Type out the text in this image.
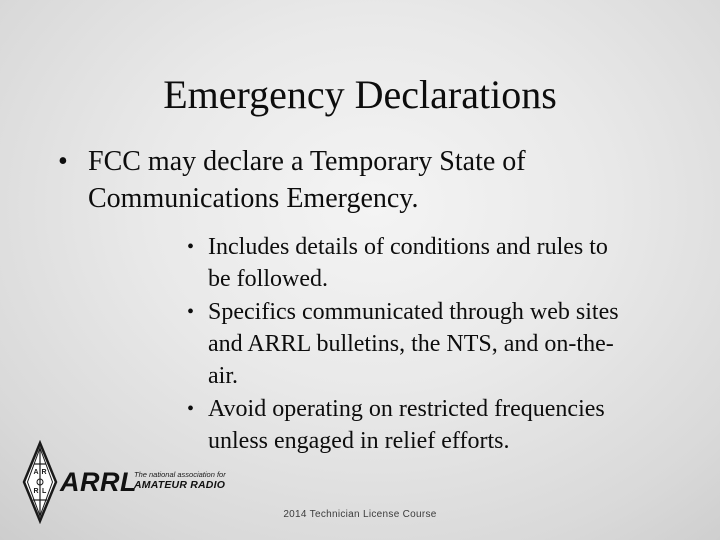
Emergency Declarations
• FCC may declare a Temporary State of Communications Emergency.
• Includes details of conditions and rules to be followed.
• Specifics communicated through web sites and ARRL bulletins, the NTS, and on-the-air.
• Avoid operating on restricted frequencies unless engaged in relief efforts.
A R
R L ARRL
The national association for
AMATEUR RADIO
2014 Technician License Course
